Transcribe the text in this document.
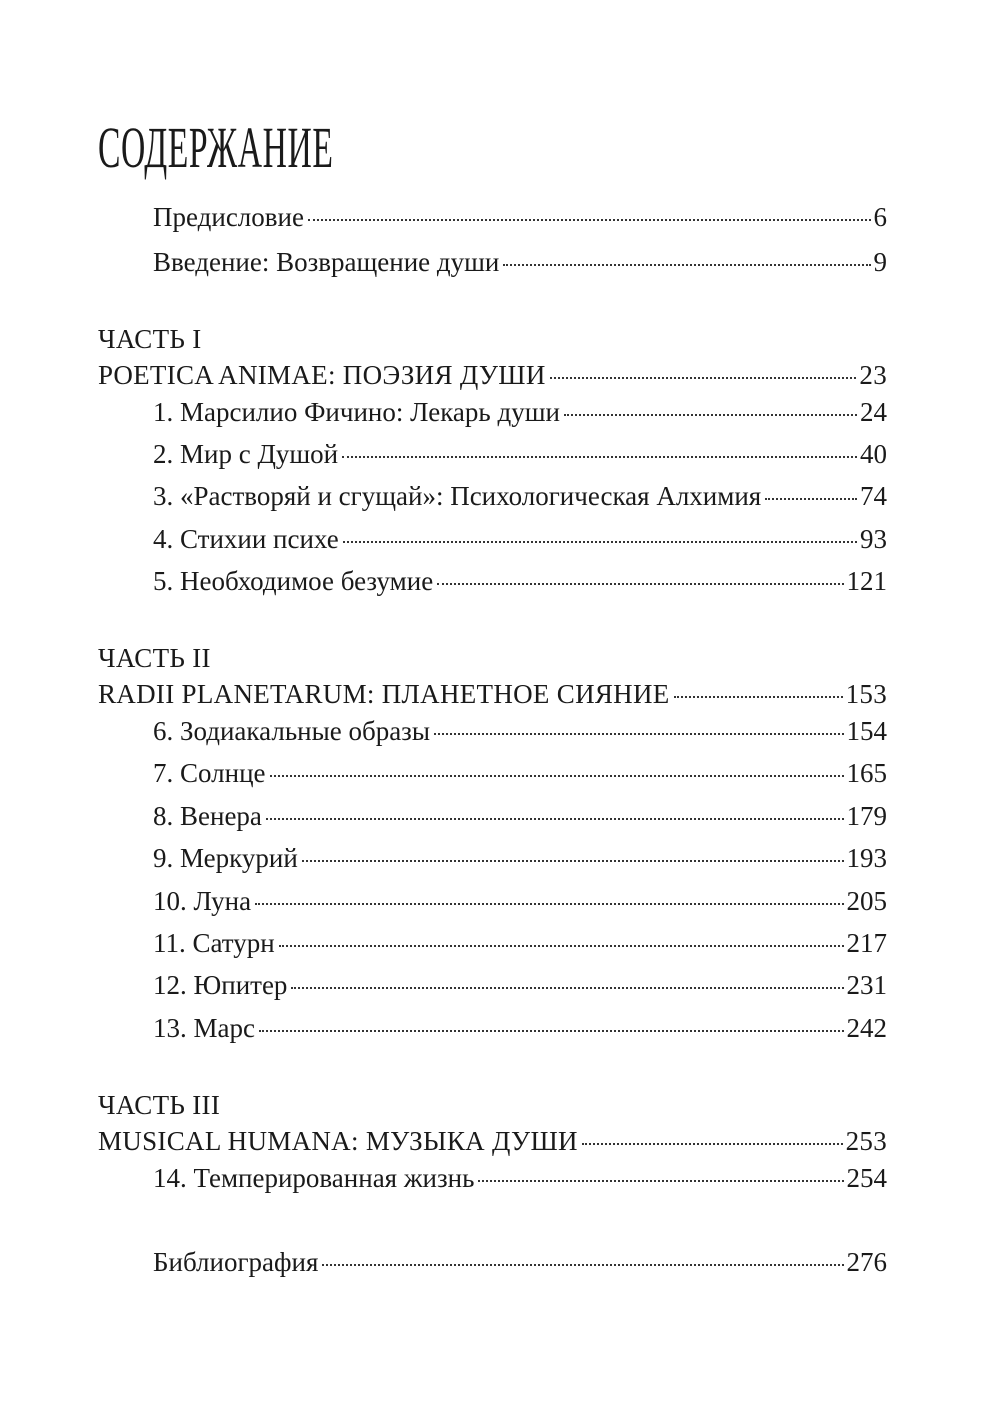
СОДЕРЖАНИЕ
Предисловие	6
Введение: Возвращение души	9
ЧАСТЬ I
POETICA ANIMAE: ПОЭЗИЯ ДУШИ	23
1. Марсилио Фичино: Лекарь души	24
2. Мир с Душой	40
3. «Растворяй и сгущай»: Психологическая Алхимия	74
4. Стихии психе	93
5. Необходимое безумие	121
ЧАСТЬ II
RADII PLANETARUM: ПЛАНЕТНОЕ СИЯНИЕ	153
6. Зодиакальные образы	154
7. Солнце	165
8. Венера	179
9. Меркурий	193
10. Луна	205
11. Сатурн	217
12. Юпитер	231
13. Марс	242
ЧАСТЬ III
MUSICAL HUMANA: МУЗЫКА ДУШИ	253
14. Темперированная жизнь	254
Библиография	276
